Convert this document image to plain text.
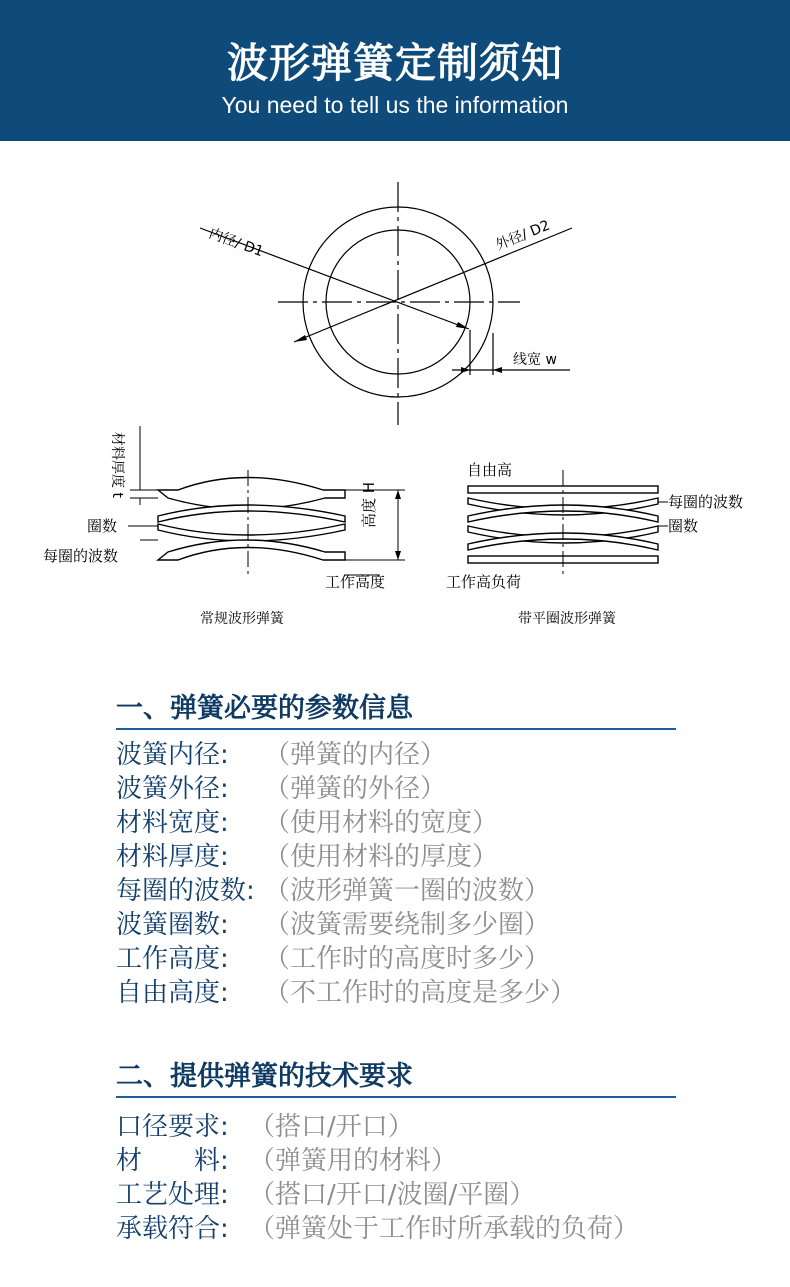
波形弹簧定制须知
You need to tell us the information
内径/ D1	外径/ D2
线宽 w
材料厚度 t
圈数
每圈的波数
高度 H
工作高度
常规波形弹簧
自由高
每圈的波数
圈数
工作高负荷
带平圈波形弹簧
一、弹簧必要的参数信息
波簧内径: （弹簧的内径）
波簧外径: （弹簧的外径）
材料宽度: （使用材料的宽度）
材料厚度: （使用材料的厚度）
每圈的波数: （波形弹簧一圈的波数）
波簧圈数: （波簧需要绕制多少圈）
工作高度: （工作时的高度时多少）
自由高度: （不工作时的高度是多少）
二、提供弹簧的技术要求
口径要求: （搭口/开口）
材　　料: （弹簧用的材料）
工艺处理: （搭口/开口/波圈/平圈）
承载符合: （弹簧处于工作时所承载的负荷）
